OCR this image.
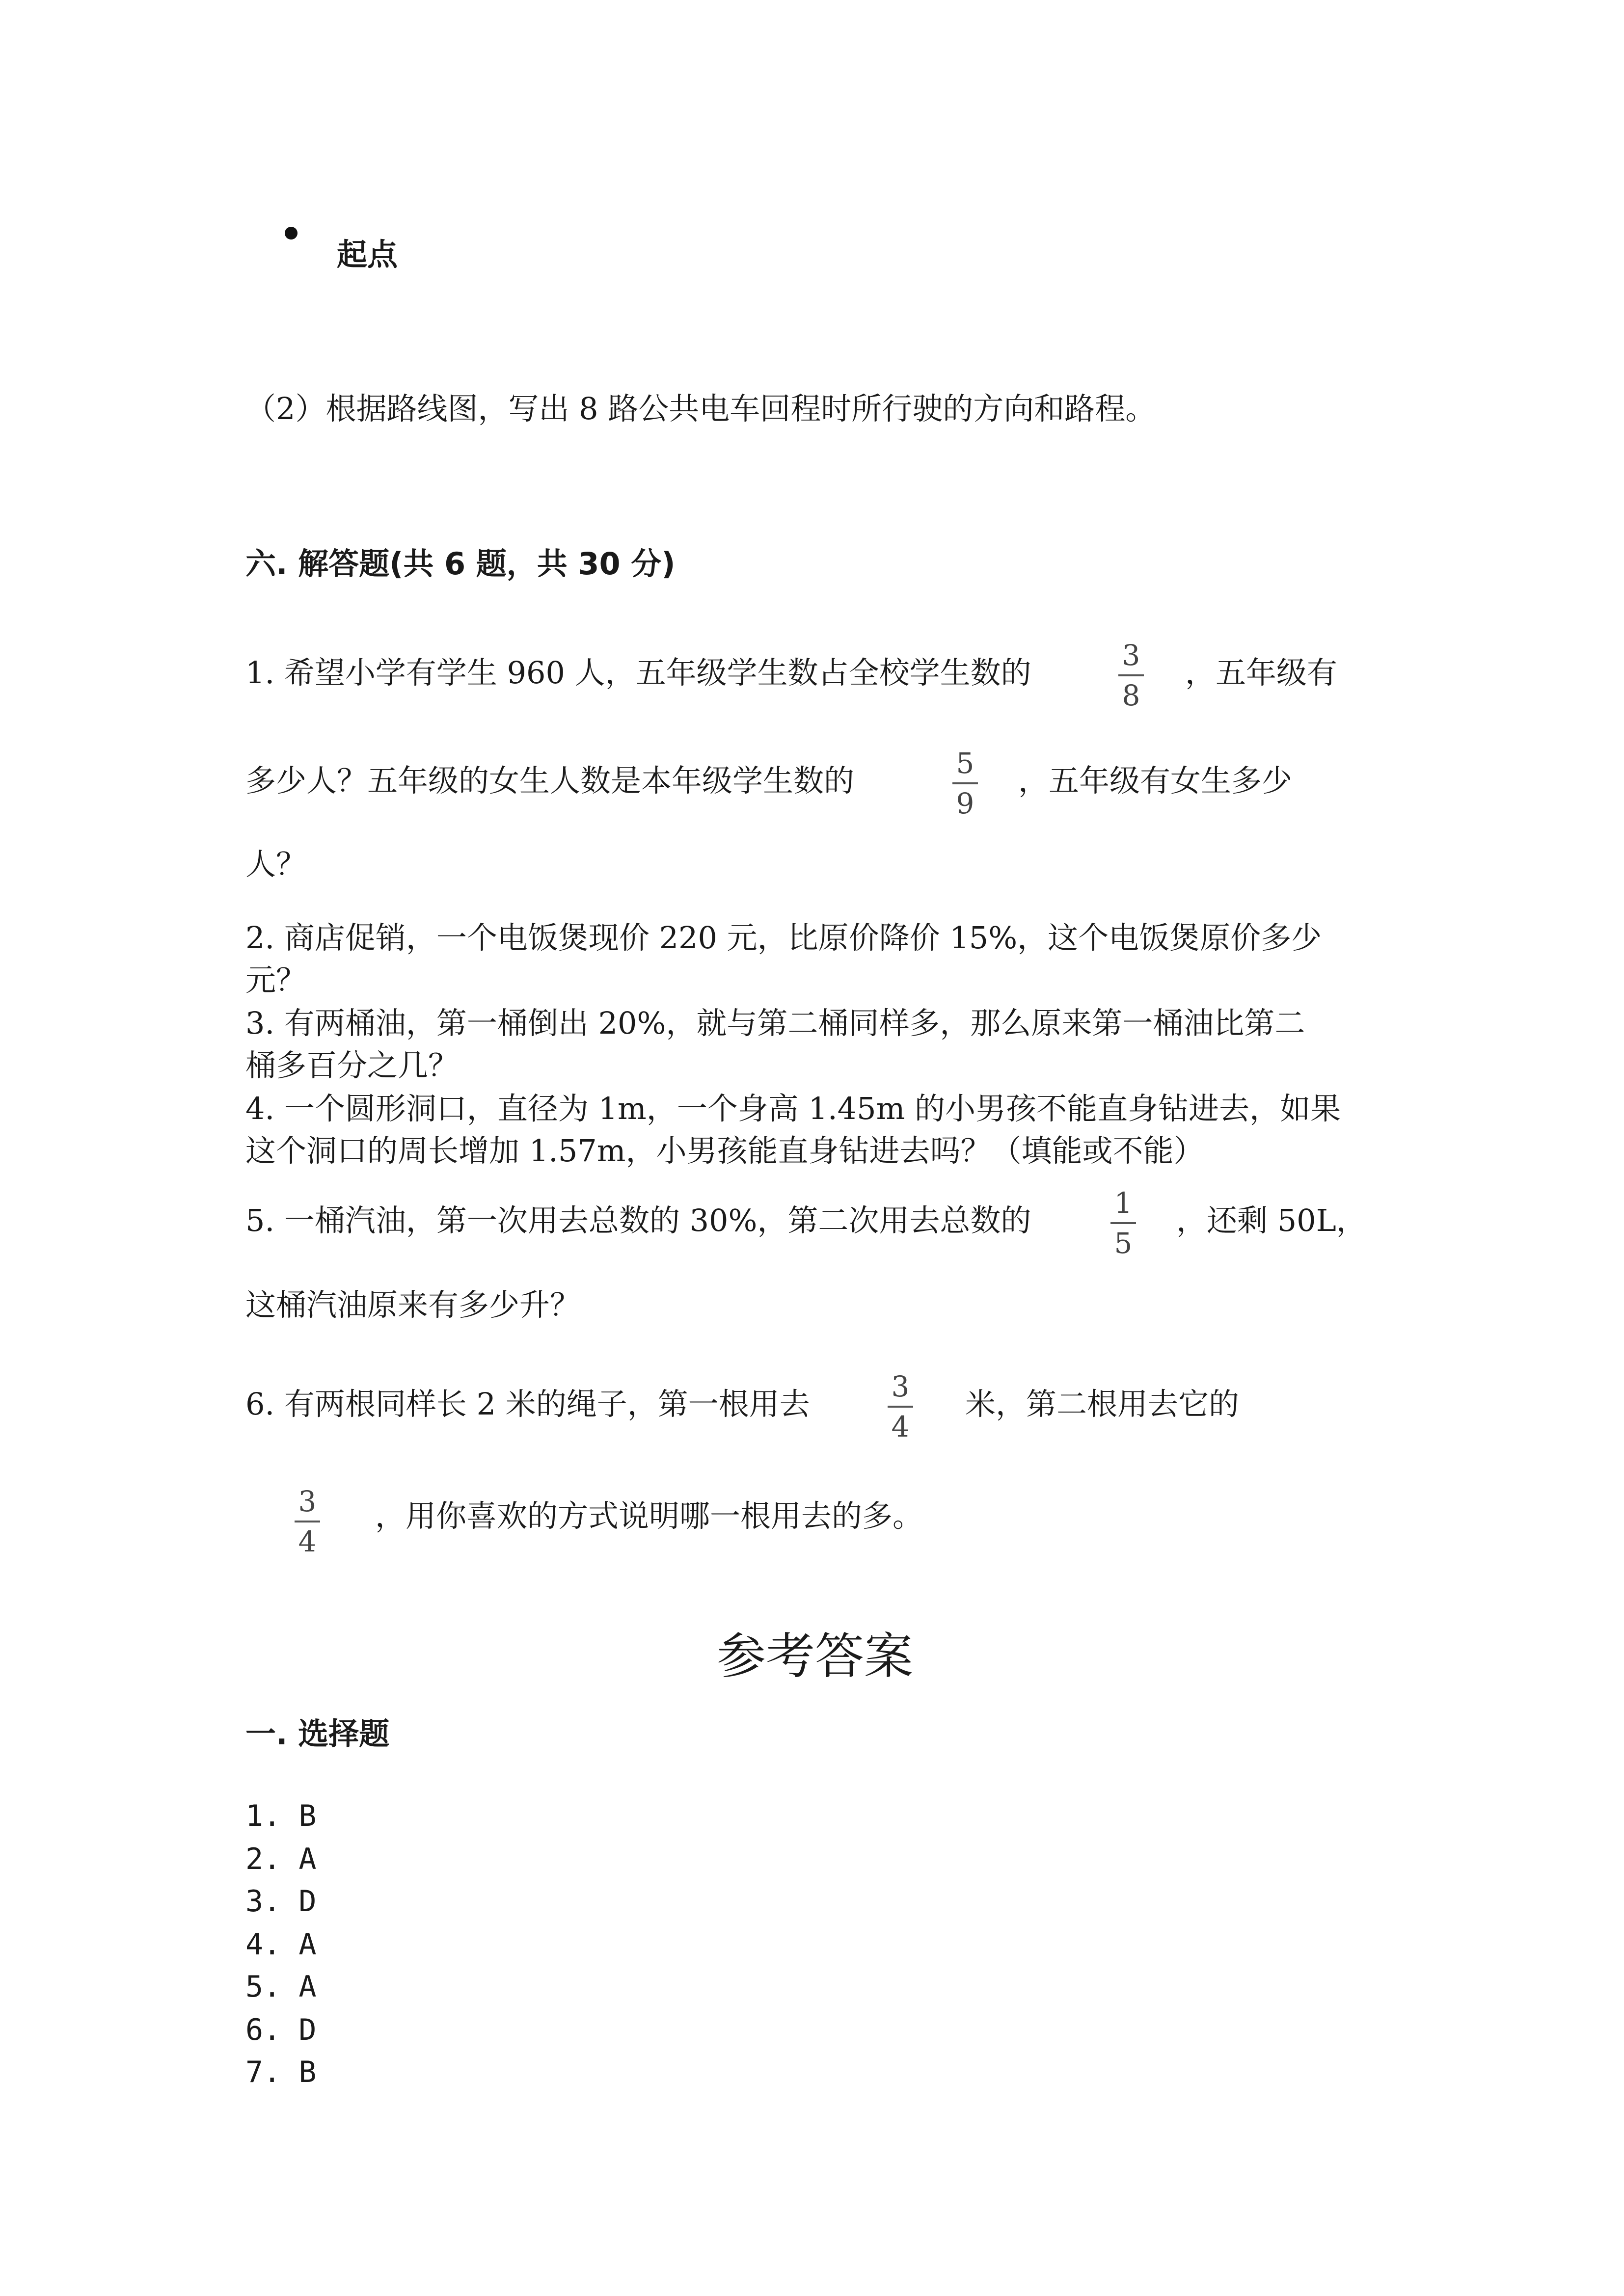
起点
（2）根据路线图，写出 8 路公共电车回程时所行驶的方向和路程。
六. 解答题(共 6 题，共 30 分)
1. 希望小学有学生 960 人，五年级学生数占全校学生数的	3
8
，五年级有
多少人？五年级的女生人数是本年级学生数的	5
9
，五年级有女生多少
人？
2. 商店促销，一个电饭煲现价 220 元，比原价降价 15%，这个电饭煲原价多少
元？
3. 有两桶油，第一桶倒出 20%，就与第二桶同样多，那么原来第一桶油比第二
桶多百分之几？
4. 一个圆形洞口，直径为 1m，一个身高 1.45m 的小男孩不能直身钻进去，如果
这个洞口的周长增加 1.57m，小男孩能直身钻进去吗？（填能或不能）
5. 一桶汽油，第一次用去总数的 30%，第二次用去总数的	1
5
，还剩 50L，
这桶汽油原来有多少升？
6. 有两根同样长 2 米的绳子，第一根用去	3
4
米，第二根用去它的
3
4
，用你喜欢的方式说明哪一根用去的多。
参考答案
一. 选择题
1. B
2. A
3. D
4. A
5. A
6. D
7. B
